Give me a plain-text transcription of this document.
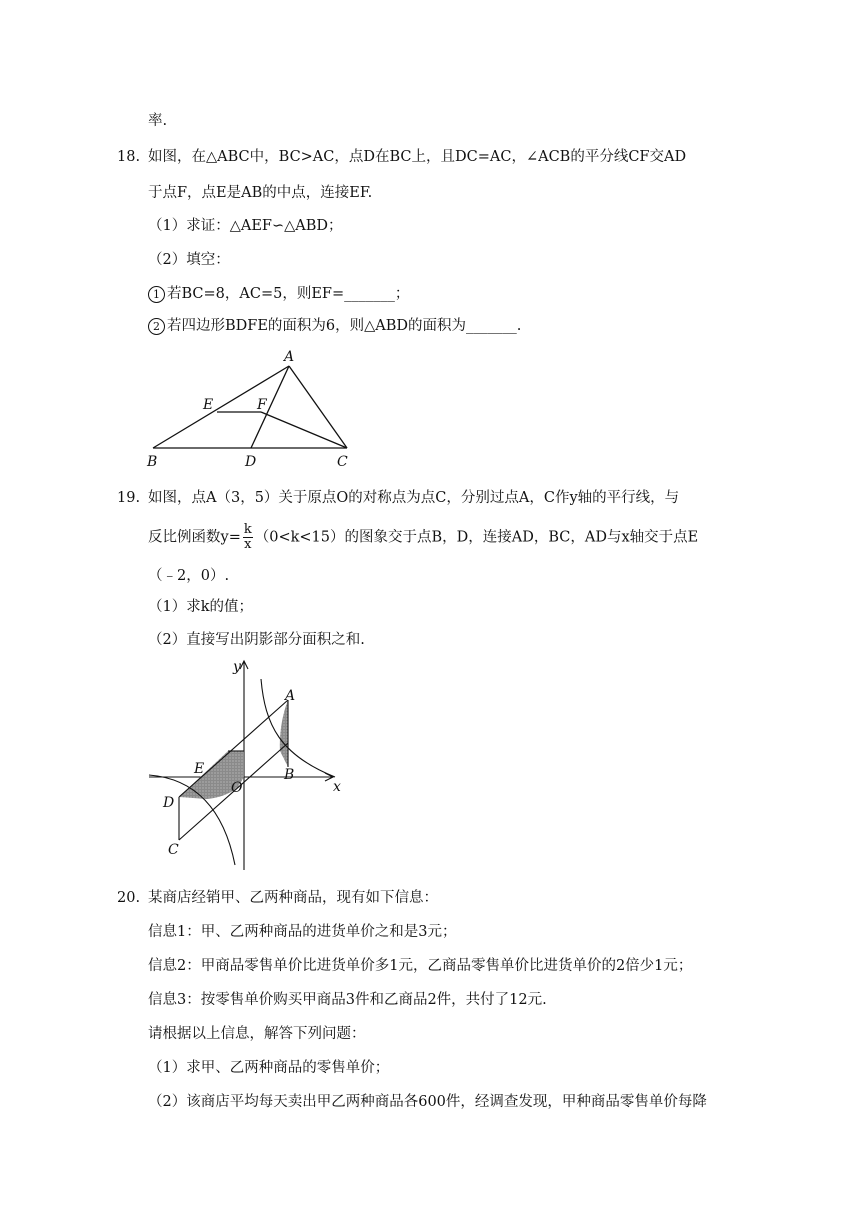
率.
18. 如图，在△ABC中，BC>AC，点D在BC上，且DC=AC，∠ACB的平分线CF交AD
于点F，点E是AB的中点，连接EF.
（1）求证：△AEF∽△ABD；
（2）填空：
1 若BC=8，AC=5，则EF=_______；
2 若四边形BDFE的面积为6，则△ABD的面积为_______.
A
E	F
B	D	C
19. 如图，点A（3，5）关于原点O的对称点为点C，分别过点A，C作y轴的平行线，与
反比例函数$y= \frac{k}{x} (0<k<15)$的图象交于点B，D，连接AD，BC，AD与x轴交于点E
（﹣2，0）.
（1）求k的值；
（2）直接写出阴影部分面积之和.
y
x
A
B
E
O
D
C
20. 某商店经销甲、乙两种商品，现有如下信息：
信息1：甲、乙两种商品的进货单价之和是3元；
信息2：甲商品零售单价比进货单价多1元，乙商品零售单价比进货单价的2倍少1元；
信息3：按零售单价购买甲商品3件和乙商品2件，共付了12元.
请根据以上信息，解答下列问题：
（1）求甲、乙两种商品的零售单价；
（2）该商店平均每天卖出甲乙两种商品各600件，经调查发现，甲种商品零售单价每降
